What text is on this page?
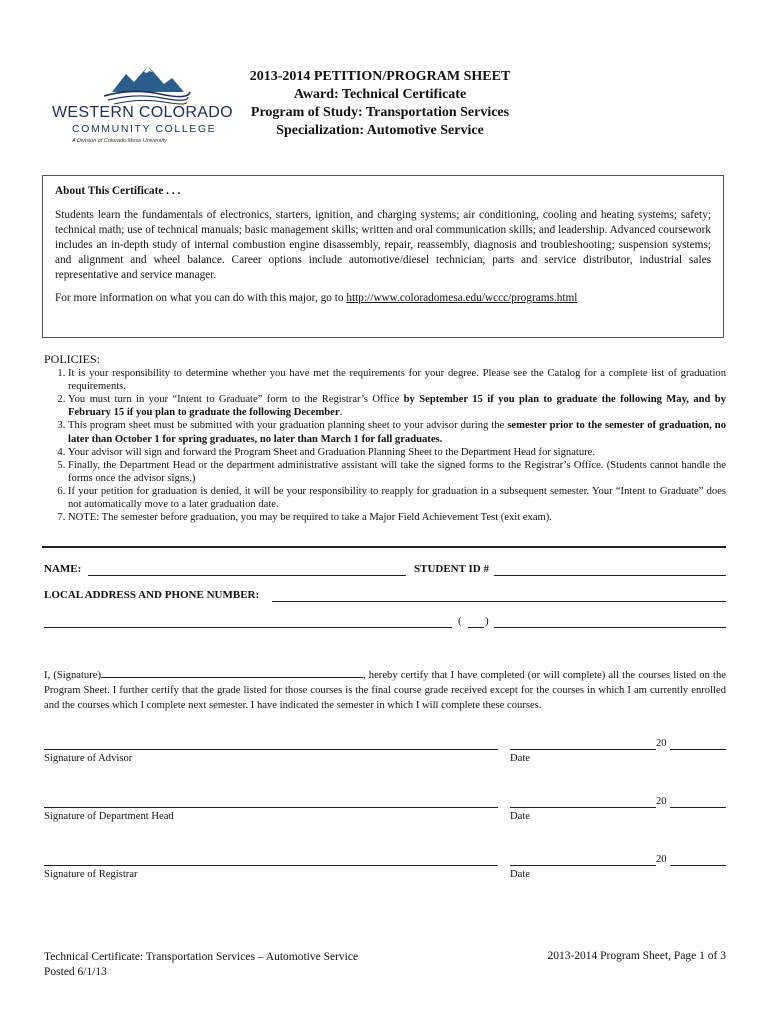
WESTERN COLORADO
COMMUNITY COLLEGE
A Division of Colorado Mesa University
2013-2014 PETITION/PROGRAM SHEET
Award: Technical Certificate
Program of Study: Transportation Services
Specialization: Automotive Service
About This Certificate . . .

Students learn the fundamentals of electronics, starters, ignition, and charging systems; air conditioning, cooling and heating systems; safety; technical math; use of technical manuals; basic management skills; written and oral communication skills; and leadership. Advanced coursework includes an in-depth study of internal combustion engine disassembly, repair, reassembly, diagnosis and troubleshooting; suspension systems; and alignment and wheel balance. Career options include automotive/diesel technician, parts and service distributor, industrial sales representative and service manager.

For more information on what you can do with this major, go to http://www.coloradomesa.edu/wccc/programs.html

POLICIES:
1. It is your responsibility to determine whether you have met the requirements for your degree. Please see the Catalog for a complete list of graduation requirements.
2. You must turn in your “Intent to Graduate” form to the Registrar’s Office by September 15 if you plan to graduate the following May, and by February 15 if you plan to graduate the following December.
3. This program sheet must be submitted with your graduation planning sheet to your advisor during the semester prior to the semester of graduation, no later than October 1 for spring graduates, no later than March 1 for fall graduates.
4. Your advisor will sign and forward the Program Sheet and Graduation Planning Sheet to the Department Head for signature.
5. Finally, the Department Head or the department administrative assistant will take the signed forms to the Registrar’s Office. (Students cannot handle the forms once the advisor signs.)
6. If your petition for graduation is denied, it will be your responsibility to reapply for graduation in a subsequent semester. Your “Intent to Graduate” does not automatically move to a later graduation date.
7. NOTE: The semester before graduation, you may be required to take a Major Field Achievement Test (exit exam).
NAME:	STUDENT ID #
LOCAL ADDRESS AND PHONE NUMBER:
( )
I, (Signature)	, hereby certify that I have completed (or will complete) all the courses listed on the Program Sheet. I further certify that the grade listed for those courses is the final course grade received except for the courses in which I am currently enrolled and the courses which I complete next semester. I have indicated the semester in which I will complete these courses.
20
Signature of Advisor	Date
20
Signature of Department Head	Date
20
Signature of Registrar	Date
Technical Certificate: Transportation Services – Automotive Service
Posted 6/1/13
2013-2014 Program Sheet, Page 1 of 3
